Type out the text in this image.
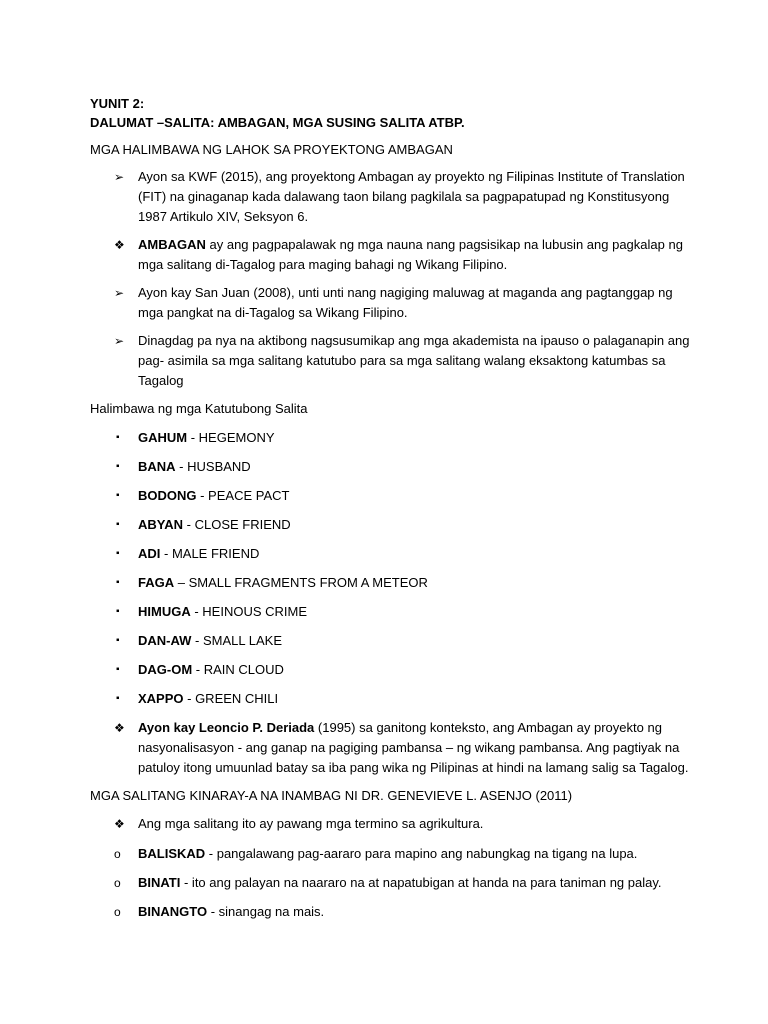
YUNIT 2:
DALUMAT –SALITA: AMBAGAN, MGA SUSING SALITA ATBP.
MGA HALIMBAWA NG LAHOK SA PROYEKTONG AMBAGAN
➢	Ayon sa KWF (2015), ang proyektong Ambagan ay proyekto ng Filipinas Institute of Translation (FIT) na ginaganap kada dalawang taon bilang pagkilala sa pagpapatupad ng Konstitusyong 1987 Artikulo XIV, Seksyon 6.
❖	AMBAGAN ay ang pagpapalawak ng mga nauna nang pagsisikap na lubusin ang pagkalap ng mga salitang di-Tagalog para maging bahagi ng Wikang Filipino.
➢	Ayon kay San Juan (2008), unti unti nang nagiging maluwag at maganda ang pagtanggap ng mga pangkat na di-Tagalog sa Wikang Filipino.
➢	Dinagdag pa nya na aktibong nagsusumikap ang mga akademista na ipauso o palaganapin ang pag- asimila sa mga salitang katutubo para sa mga salitang walang eksaktong katumbas sa Tagalog
Halimbawa ng mga Katutubong Salita
▪	GAHUM - HEGEMONY
▪	BANA - HUSBAND
▪	BODONG - PEACE PACT
▪	ABYAN - CLOSE FRIEND
▪	ADI - MALE FRIEND
▪	FAGA – SMALL FRAGMENTS FROM A METEOR
▪	HIMUGA - HEINOUS CRIME
▪	DAN-AW - SMALL LAKE
▪	DAG-OM - RAIN CLOUD
▪	XAPPO - GREEN CHILI
❖	Ayon kay Leoncio P. Deriada (1995) sa ganitong konteksto, ang Ambagan ay proyekto ng nasyonalisasyon - ang ganap na pagiging pambansa – ng wikang pambansa. Ang pagtiyak na patuloy itong umuunlad batay sa iba pang wika ng Pilipinas at hindi na lamang salig sa Tagalog.
MGA SALITANG KINARAY-A NA INAMBAG NI DR. GENEVIEVE L. ASENJO (2011)
❖	Ang mga salitang ito ay pawang mga termino sa agrikultura.
o	BALISKAD - pangalawang pag-aararo para mapino ang nabungkag na tigang na lupa.
o	BINATI - ito ang palayan na naararo na at napatubigan at handa na para taniman ng palay.
o	BINANGTO - sinangag na mais.
